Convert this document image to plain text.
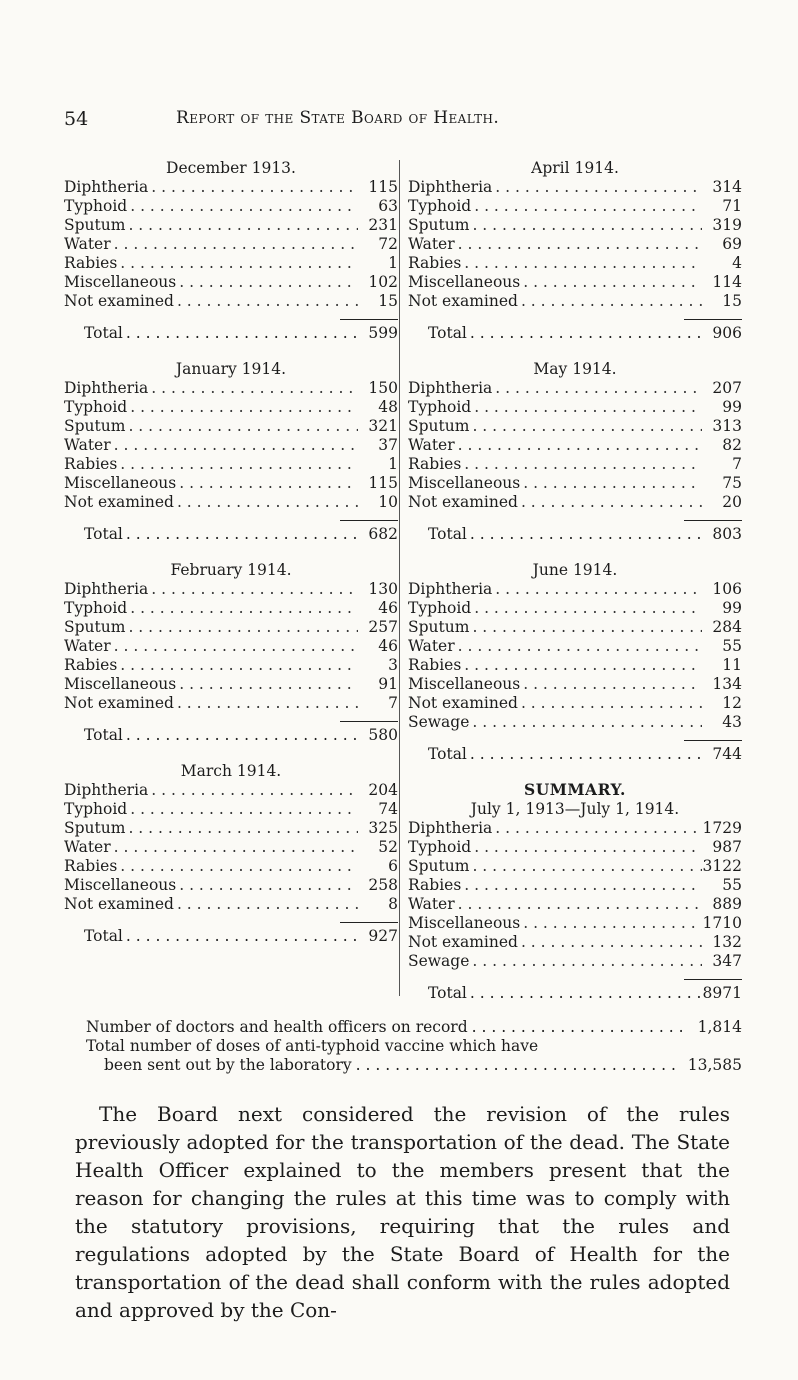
54	Report of the State Board of Health.
December 1913.
Diphtheria . . .	115
Typhoid . . .	63
Sputum . . .	231
Water . . .	72
Rabies . . .	1
Miscellaneous . . .	102
Not examined . . .	15
Total . . .	599
January 1914.
Diphtheria . . .	150
Typhoid . . .	48
Sputum . . .	321
Water . . .	37
Rabies . . .	1
Miscellaneous . . .	115
Not examined . . .	10
Total . . .	682
February 1914.
Diphtheria . . .	130
Typhoid . . .	46
Sputum . . .	257
Water . . .	46
Rabies . . .	3
Miscellaneous . . .	91
Not examined . . .	7
Total . . .	580
March 1914.
Diphtheria . . .	204
Typhoid . . .	74
Sputum . . .	325
Water . . .	52
Rabies . . .	6
Miscellaneous . . .	258
Not examined . . .	8
Total . . .	927
April 1914.
Diphtheria . . .	314
Typhoid . . .	71
Sputum . . .	319
Water . . .	69
Rabies . . .	4
Miscellaneous . . .	114
Not examined . . .	15
Total . . .	906
May 1914.
Diphtheria . . .	207
Typhoid . . .	99
Sputum . . .	313
Water . . .	82
Rabies . . .	7
Miscellaneous . . .	75
Not examined . . .	20
Total . . .	803
June 1914.
Diphtheria . . .	106
Typhoid . . .	99
Sputum . . .	284
Water . . .	55
Rabies . . .	11
Miscellaneous . . .	134
Not examined . . .	12
Sewage . . .	43
Total . . .	744
SUMMARY.
July 1, 1913—July 1, 1914.
Diphtheria . . .	1729
Typhoid . . .	987
Sputum . . .	3122
Rabies . . .	55
Water . . .	889
Miscellaneous . . .	1710
Not examined . . .	132
Sewage . . .	347
Total . . .	8971
Number of doctors and health officers on record . . .	1,814
Total number of doses of anti-typhoid vaccine which have
been sent out by the laboratory . . .	13,585
The Board next considered the revision of the rules previously adopted for the transportation of the dead. The State Health Officer explained to the members present that the reason for changing the rules at this time was to comply with the statutory provisions, requiring that the rules and regulations adopted by the State Board of Health for the transportation of the dead shall conform with the rules adopted and approved by the Con-
